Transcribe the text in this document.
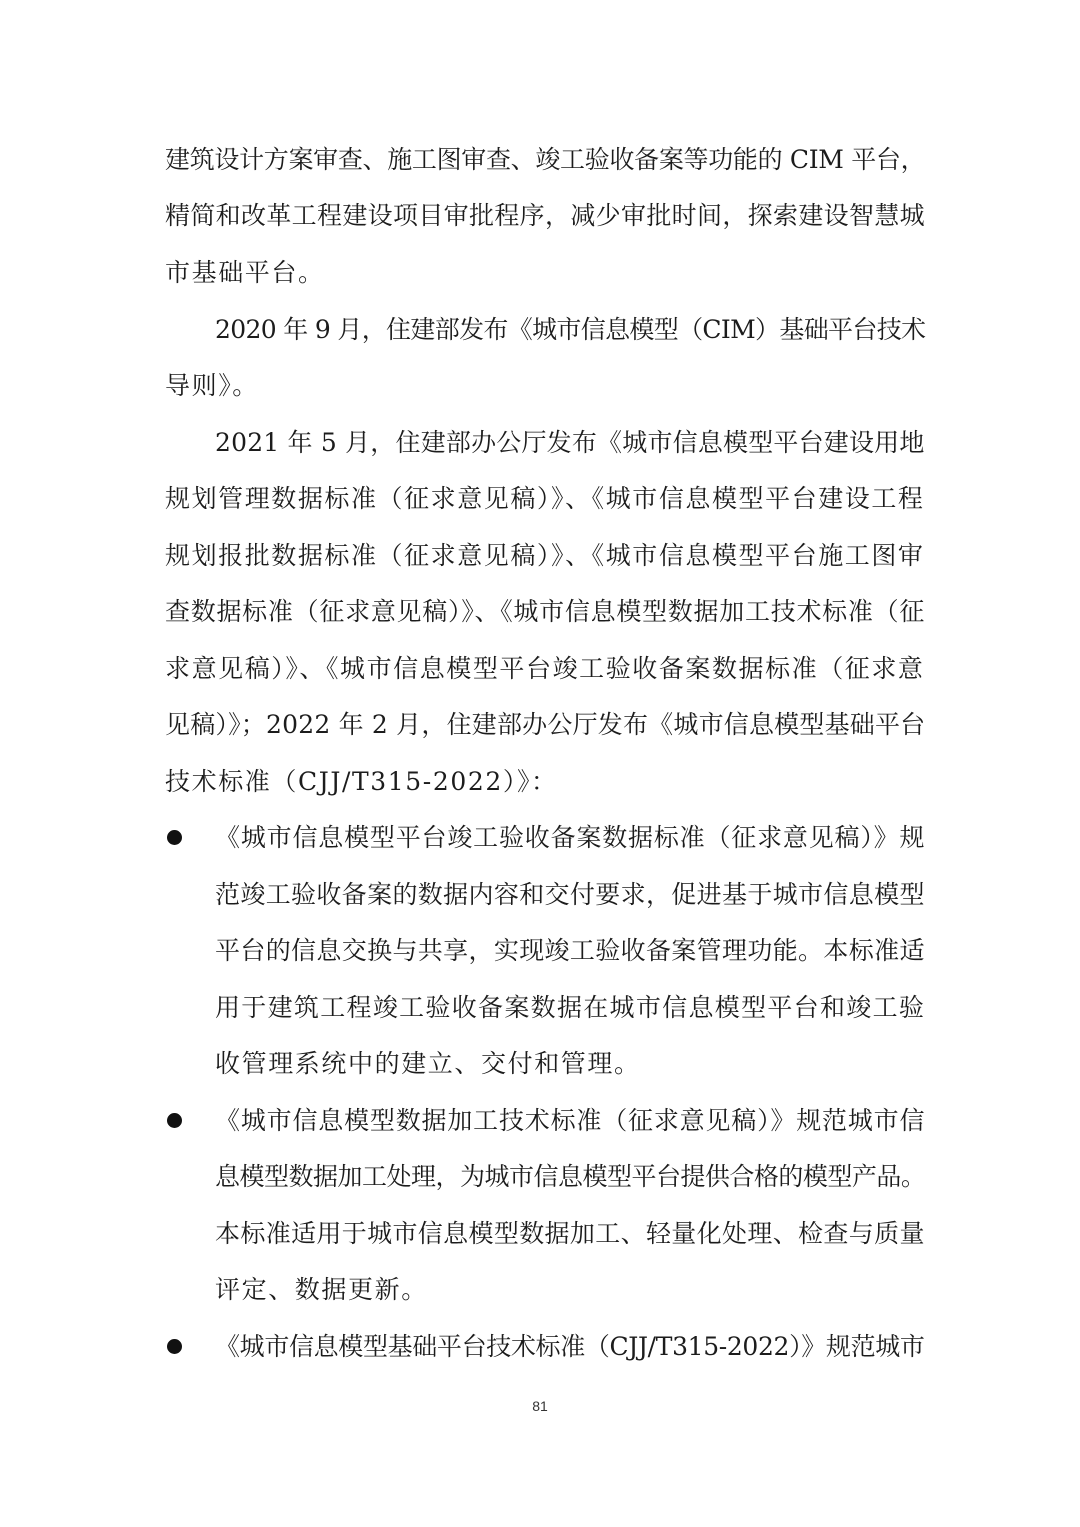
建筑设计方案审查、施工图审查、竣工验收备案等功能的 CIM 平台，
精简和改革工程建设项目审批程序，减少审批时间，探索建设智慧城
市基础平台。
2020 年 9 月，住建部发布《城市信息模型（CIM）基础平台技术
导则》。
2021 年 5 月，住建部办公厅发布《城市信息模型平台建设用地
规划管理数据标准（征求意见稿）》、《城市信息模型平台建设工程
规划报批数据标准（征求意见稿）》、《城市信息模型平台施工图审
查数据标准（征求意见稿）》、《城市信息模型数据加工技术标准（征
求意见稿）》、《城市信息模型平台竣工验收备案数据标准（征求意
见稿）》；2022 年 2 月，住建部办公厅发布《城市信息模型基础平台
技术标准（CJJ/T315-2022）》：
《城市信息模型平台竣工验收备案数据标准（征求意见稿）》规
范竣工验收备案的数据内容和交付要求，促进基于城市信息模型
平台的信息交换与共享，实现竣工验收备案管理功能。本标准适
用于建筑工程竣工验收备案数据在城市信息模型平台和竣工验
收管理系统中的建立、交付和管理。
《城市信息模型数据加工技术标准（征求意见稿）》规范城市信
息模型数据加工处理，为城市信息模型平台提供合格的模型产品。
本标准适用于城市信息模型数据加工、轻量化处理、检查与质量
评定、数据更新。
《城市信息模型基础平台技术标准（CJJ/T315-2022）》规范城市
81
